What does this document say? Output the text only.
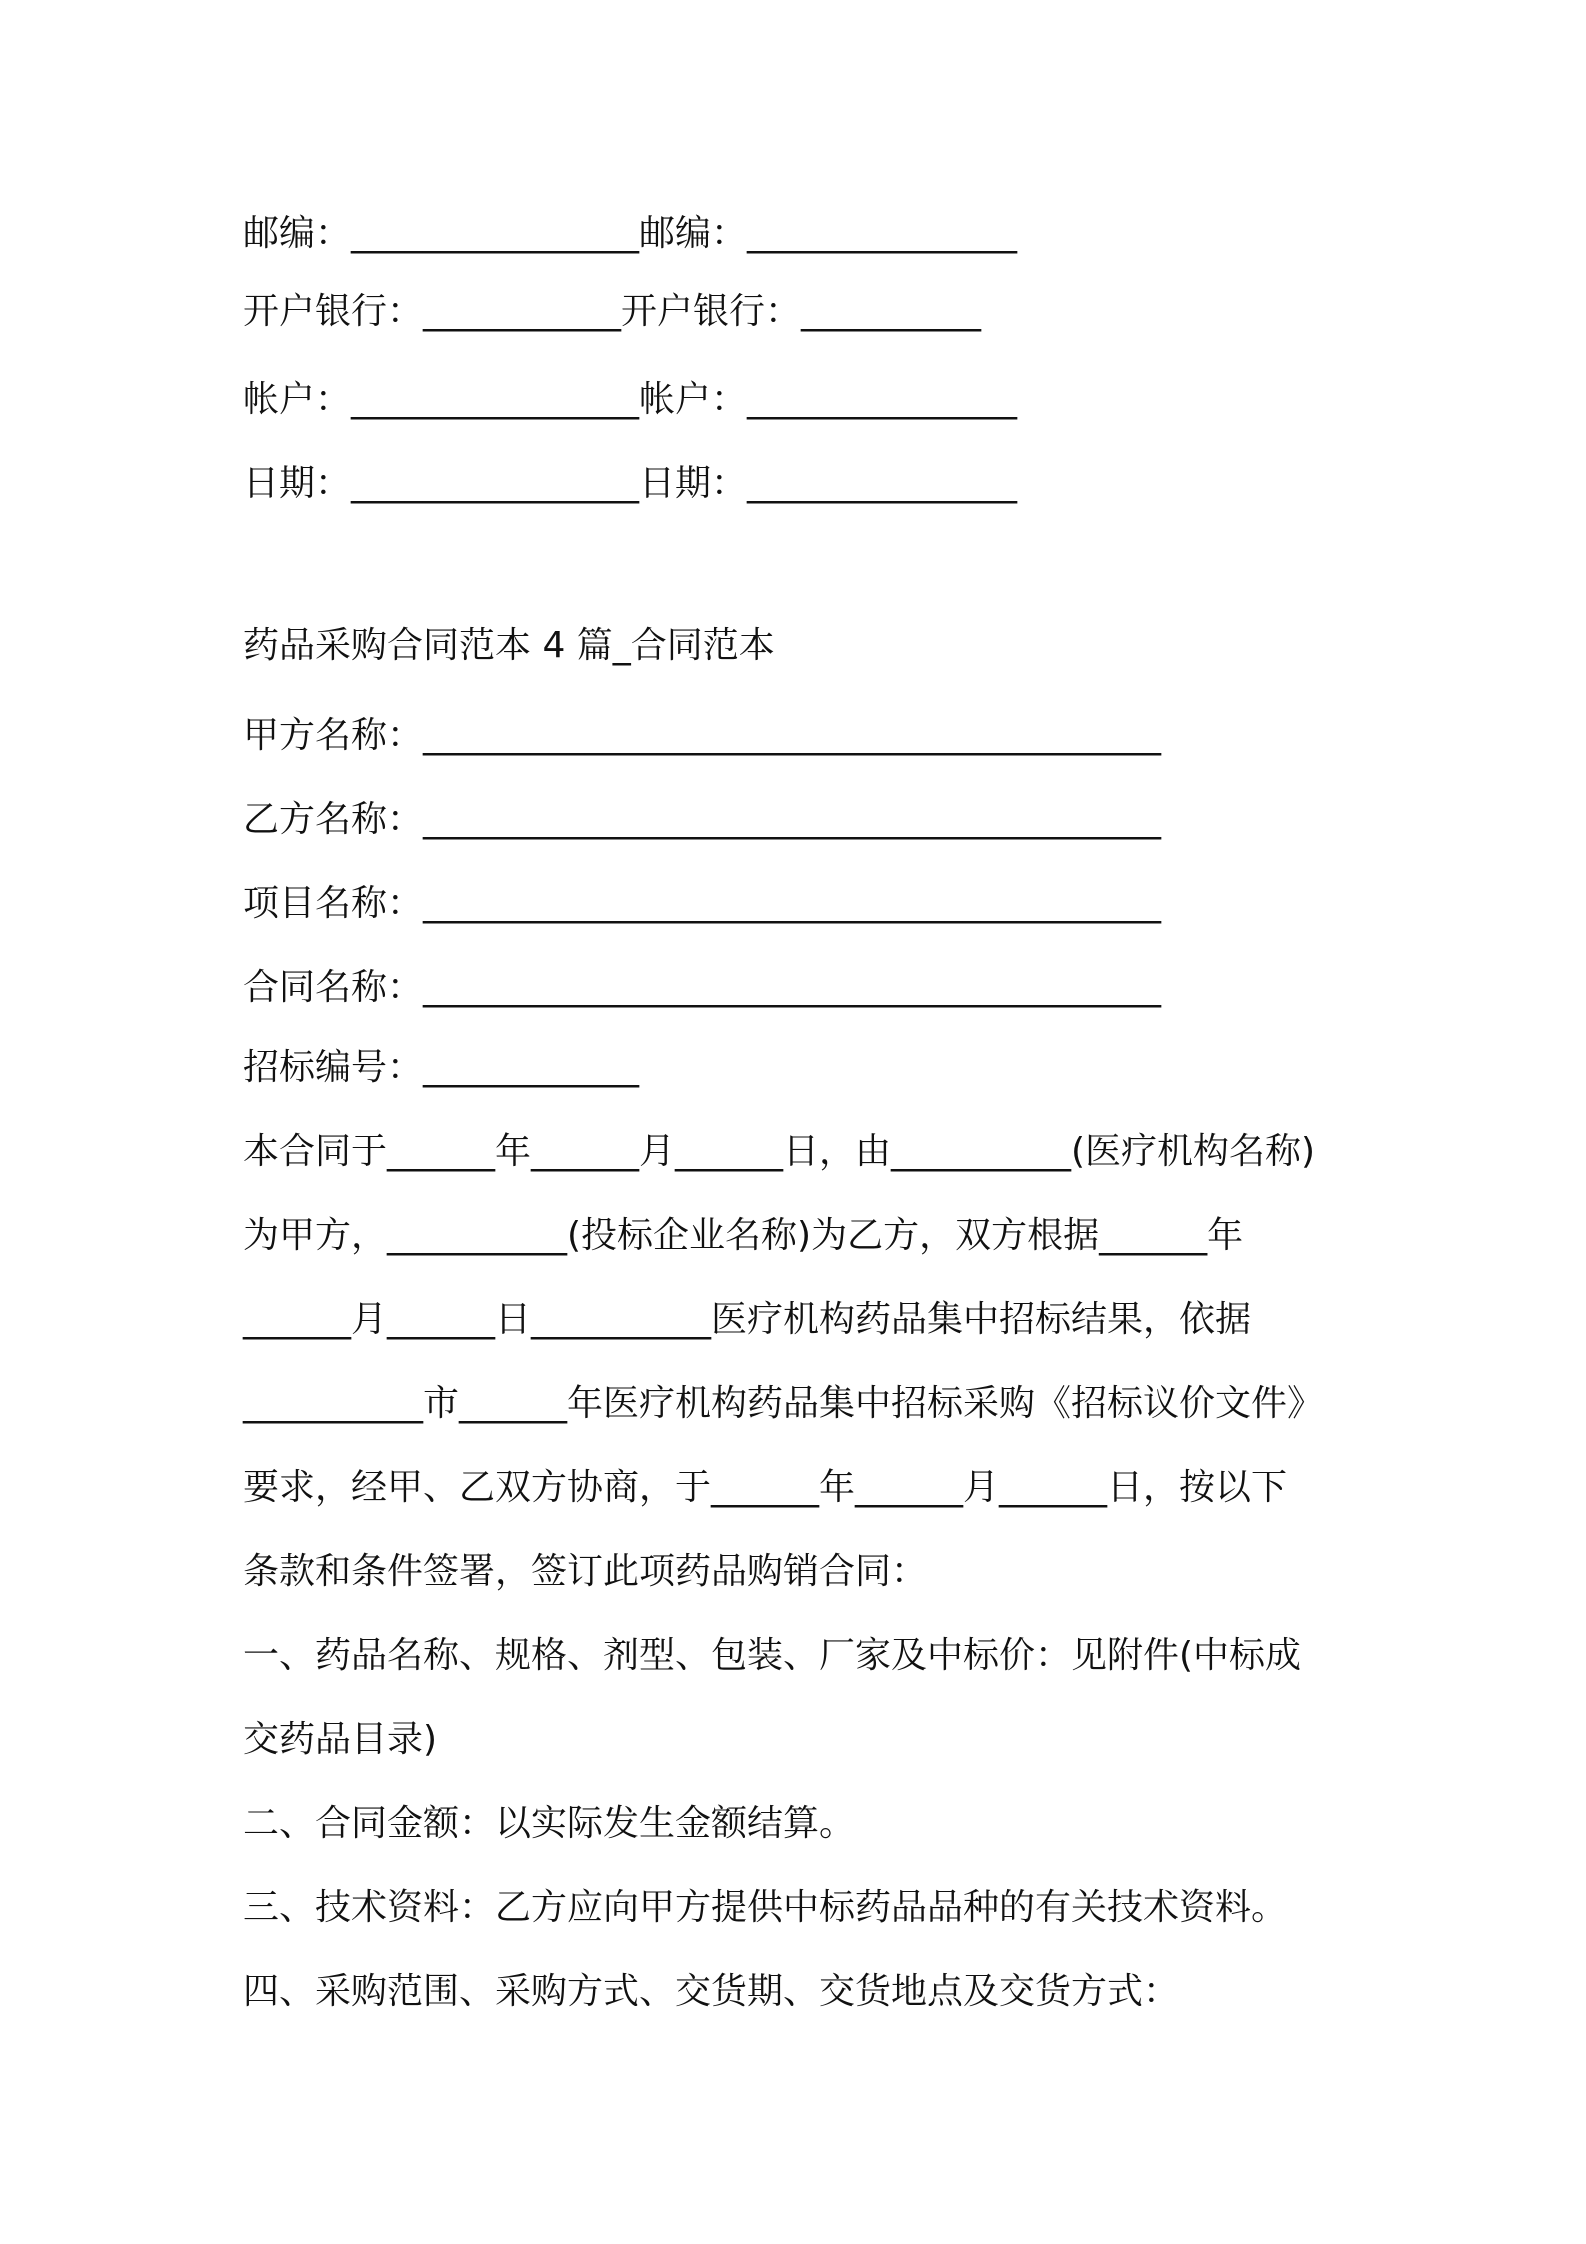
邮编：________________邮编：_______________
开户银行：___________开户银行：__________
帐户：________________帐户：_______________
日期：________________日期：_______________
药品采购合同范本 4 篇_合同范本
甲方名称：_________________________________________
乙方名称：_________________________________________
项目名称：_________________________________________
合同名称：_________________________________________
招标编号：____________
本合同于______年______月______日，由__________(医疗机构名称)
为甲方，__________(投标企业名称)为乙方，双方根据______年
______月______日__________医疗机构药品集中招标结果，依据
__________市______年医疗机构药品集中招标采购《招标议价文件》
要求，经甲、乙双方协商，于______年______月______日，按以下
条款和条件签署，签订此项药品购销合同：
一、药品名称、规格、剂型、包装、厂家及中标价：见附件(中标成
交药品目录)
二、合同金额：以实际发生金额结算。
三、技术资料：乙方应向甲方提供中标药品品种的有关技术资料。
四、采购范围、采购方式、交货期、交货地点及交货方式：
